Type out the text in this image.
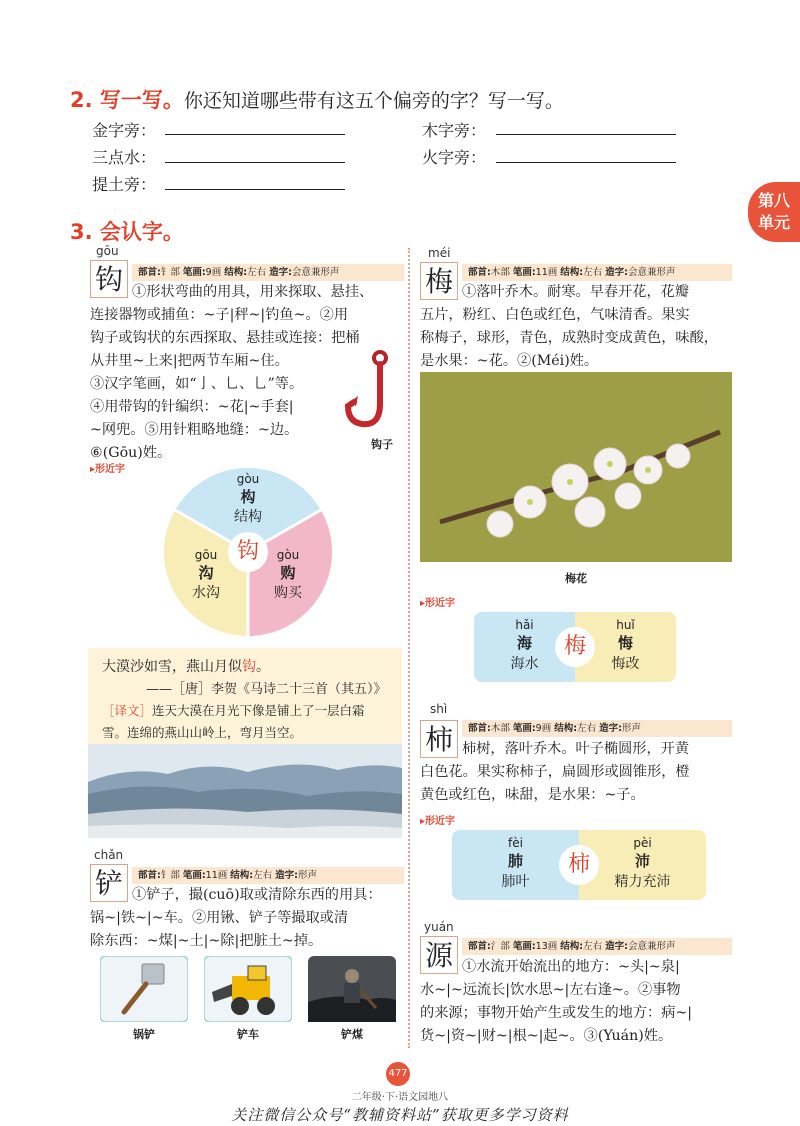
2. 写一写。你还知道哪些带有这五个偏旁的字？写一写。
金字旁：	木字旁：
三点水：	火字旁：
提土旁：
第八
单元
3. 会认字。
gōu
钩	部首:钅部 笔画:9画 结构:左右 造字:会意兼形声
①形状弯曲的用具，用来探取、悬挂、
连接器物或捕鱼：~子|秤~|钓鱼~。②用
钩子或钩状的东西探取、悬挂或连接：把桶
从井里~上来|把两节车厢~住。
③汉字笔画，如“亅、乚、乚”等。
④用带钩的针编织：~花|~手套|
~网兜。⑤用针粗略地缝：~边。
⑥(Gōu)姓。
钩子
▸形近字
钩
gòu
构
结构
gōu
沟
水沟
gòu
购
购买
大漠沙如雪，燕山月似钩。
——［唐］李贺《马诗二十三首（其五）》
［译文］连天大漠在月光下像是铺上了一层白霜
雪。连绵的燕山山岭上，弯月当空。
chǎn
铲	部首:钅部 笔画:11画 结构:左右 造字:形声
①铲子，撮(cuō)取或清除东西的用具：
锅~|铁~|~车。②用锹、铲子等撮取或清
除东西：~煤|~土|~除|把脏土~掉。
锅铲	铲车	铲煤
méi
梅	部首:木部 笔画:11画 结构:左右 造字:会意兼形声
①落叶乔木。耐寒。早春开花，花瓣
五片，粉红、白色或红色，气味清香。果实
称梅子，球形，青色，成熟时变成黄色，味酸，
是水果：~花。②(Méi)姓。
梅花
▸形近字
hǎi
海
海水
huǐ
悔
悔改
梅
shì
柿	部首:木部 笔画:9画 结构:左右 造字:形声
柿树，落叶乔木。叶子椭圆形，开黄
白色花。果实称柿子，扁圆形或圆锥形，橙
黄色或红色，味甜，是水果：~子。
▸形近字
fèi
肺
肺叶
pèi
沛
精力充沛
柿
yuán
源	部首:氵部 笔画:13画 结构:左右 造字:会意兼形声
①水流开始流出的地方：~头|~泉|
水~|~远流长|饮水思~|左右逢~。②事物
的来源；事物开始产生或发生的地方：病~|
货~|资~|财~|根~|起~。③(Yuán)姓。
477
二年级·下·语文园地八
关注微信公众号“教辅资料站”获取更多学习资料
